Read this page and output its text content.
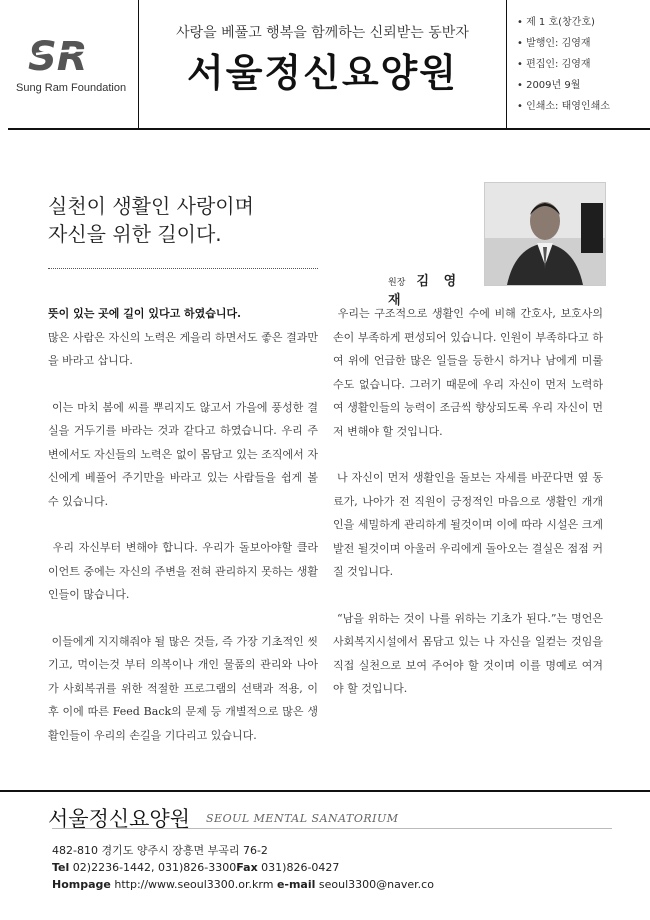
SR
Sung Ram Foundation
사랑을 베풀고 행복을 함께하는 신뢰받는 동반자
서울정신요양원
• 제 1 호(창간호)
• 발행인: 김영재
• 편집인: 김영재
• 2009년 9월
• 인쇄소: 태영인쇄소
실천이 생활인 사랑이며
자신을 위한 길이다.
원장 김 영 재

뜻이 있는 곳에 길이 있다고 하였습니다.
많은 사람은 자신의 노력은 게을리 하면서도 좋은 결과만을 바라고 삽니다.

이는 마치 봄에 씨를 뿌리지도 않고서 가을에 풍성한 결실을 거두기를 바라는 것과 같다고 하였습니다. 우리 주변에서도 자신들의 노력은 없이 몸담고 있는 조직에서 자신에게 베풀어 주기만을 바라고 있는 사람들을 쉽게 볼 수 있습니다.

우리 자신부터 변해야 합니다. 우리가 돌보아야할 클라이언트 중에는 자신의 주변을 전혀 관리하지 못하는 생활인들이 많습니다.

이들에게 지지해줘야 될 많은 것들, 즉 가장 기초적인 씻기고, 먹이는것 부터 의복이나 개인 물품의 관리와 나아가 사회복귀를 위한 적절한 프로그램의 선택과 적용, 이후 이에 따른 Feed Back의 문제 등 개별적으로 많은 생활인들이 우리의 손길을 기다리고 있습니다.

우리는 구조적으로 생활인 수에 비해 간호사, 보호사의 손이 부족하게 편성되어 있습니다. 인원이 부족하다고 하여 위에 언급한 많은 일들을 등한시 하거나 남에게 미룰 수도 없습니다. 그러기 때문에 우리 자신이 먼저 노력하여 생활인들의 능력이 조금씩 향상되도록 우리 자신이 먼저 변해야 할 것입니다.

나 자신이 먼저 생활인을 돌보는 자세를 바꾼다면 옆 동료가, 나아가 전 직원이 긍정적인 마음으로 생활인 개개인을 세밀하게 관리하게 될것이며 이에 따라 시설은 크게 발전 될것이며 아울러 우리에게 돌아오는 결실은 점점 커질 것입니다.

“남을 위하는 것이 나를 위하는 기초가 된다.”는 명언은 사회복지시설에서 몸담고 있는 나 자신을 일컫는 것임을 직접 실천으로 보여 주어야 할 것이며 이를 명예로 여겨야 할 것입니다.

서울정신요양원 SEOUL MENTAL SANATORIUM
482-810 경기도 양주시 장흥면 부곡리 76-2
Tel 02)2236-1442, 031)826-3300Fax 031)826-0427
Hompage http://www.seoul3300.or.krm e-mail seoul3300@naver.co
